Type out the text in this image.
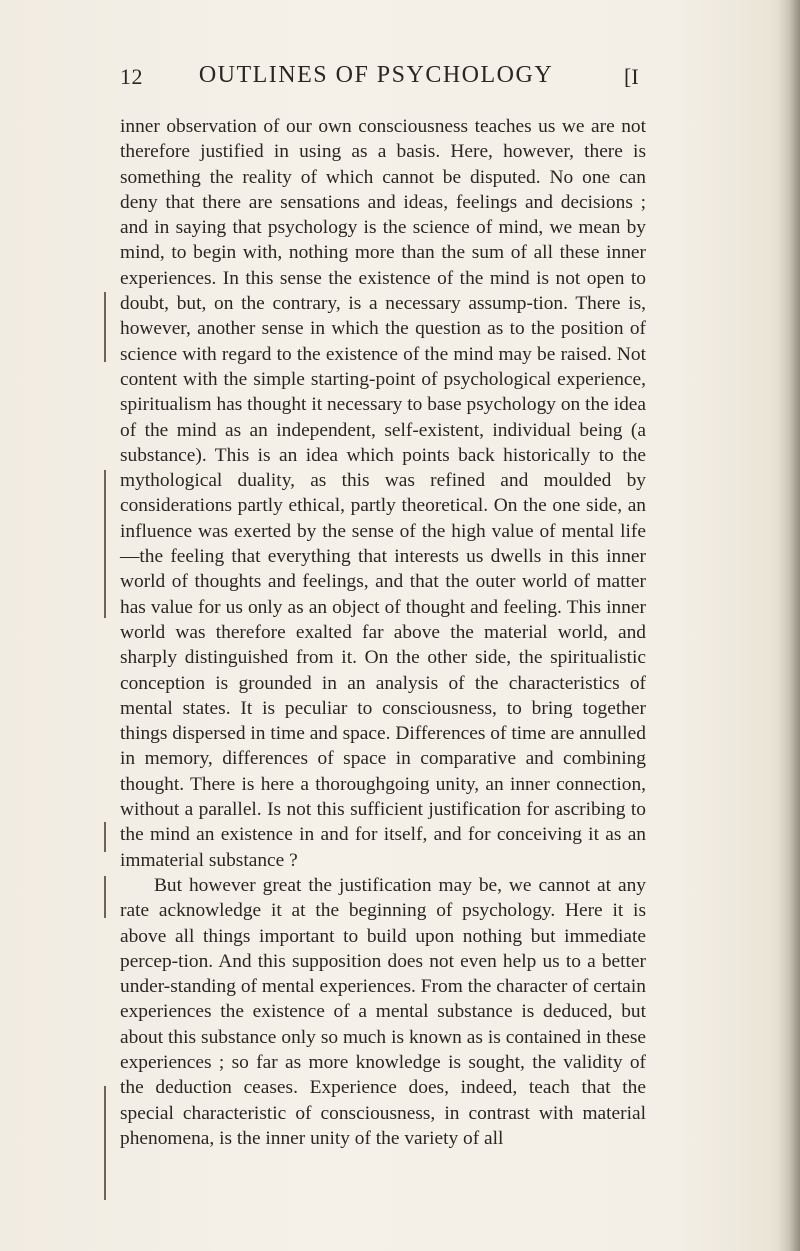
12	OUTLINES OF PSYCHOLOGY	[I

inner observation of our own consciousness teaches us we are not therefore justified in using as a basis. Here, however, there is something the reality of which cannot be disputed. No one can deny that there are sensations and ideas, feelings and decisions ; and in saying that psychology is the science of mind, we mean by mind, to begin with, nothing more than the sum of all these inner experiences. In this sense the existence of the mind is not open to doubt, but, on the contrary, is a necessary assump-tion. There is, however, another sense in which the question as to the position of science with regard to the existence of the mind may be raised. Not content with the simple starting-point of psychological experience, spiritualism has thought it necessary to base psychology on the idea of the mind as an independent, self-existent, individual being (a substance). This is an idea which points back historically to the mythological duality, as this was refined and moulded by considerations partly ethical, partly theoretical. On the one side, an influence was exerted by the sense of the high value of mental life—the feeling that everything that interests us dwells in this inner world of thoughts and feelings, and that the outer world of matter has value for us only as an object of thought and feeling. This inner world was therefore exalted far above the material world, and sharply distinguished from it. On the other side, the spiritualistic conception is grounded in an analysis of the characteristics of mental states. It is peculiar to consciousness, to bring together things dispersed in time and space. Differences of time are annulled in memory, differences of space in comparative and combining thought. There is here a thoroughgoing unity, an inner connection, without a parallel. Is not this sufficient justification for ascribing to the mind an existence in and for itself, and for conceiving it as an immaterial substance ?

But however great the justification may be, we cannot at any rate acknowledge it at the beginning of psychology. Here it is above all things important to build upon nothing but immediate percep-tion. And this supposition does not even help us to a better under-standing of mental experiences. From the character of certain experiences the existence of a mental substance is deduced, but about this substance only so much is known as is contained in these experiences ; so far as more knowledge is sought, the validity of the deduction ceases. Experience does, indeed, teach that the special characteristic of consciousness, in contrast with material phenomena, is the inner unity of the variety of all
